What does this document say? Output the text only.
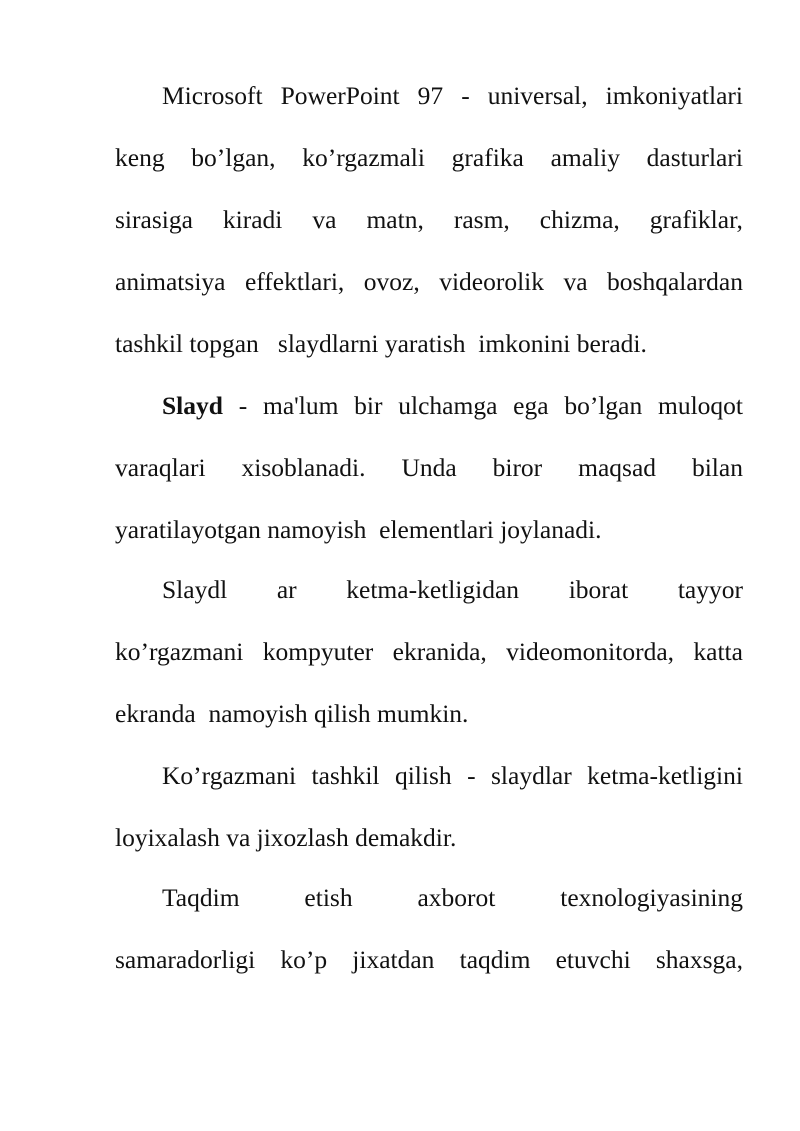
Microsoft PowerPoint 97 - universal, imkoniyatlari
keng bo’lgan, ko’rgazmali grafika amaliy dasturlari
sirasiga kiradi va matn, rasm, chizma, grafiklar,
animatsiya effektlari, ovoz, videorolik va boshqalardan
tashkil topgan   slaydlarni yaratish  imkonini beradi.
Slayd - ma'lum bir ulchamga ega bo’lgan muloqot
varaqlari xisoblanadi. Unda biror maqsad bilan
yaratilayotgan namoyish  elementlari joylanadi.
Slaydl ar ketma-ketligidan iborat tayyor
ko’rgazmani kompyuter ekranida, videomonitorda, katta
ekranda  namoyish qilish mumkin.
Ko’rgazmani tashkil qilish - slaydlar ketma-ketligini
loyixalash va jixozlash demakdir.
Taqdim	etish	axborot	texnologiyasining
samaradorligi ko’p jixatdan taqdim etuvchi shaxsga,
